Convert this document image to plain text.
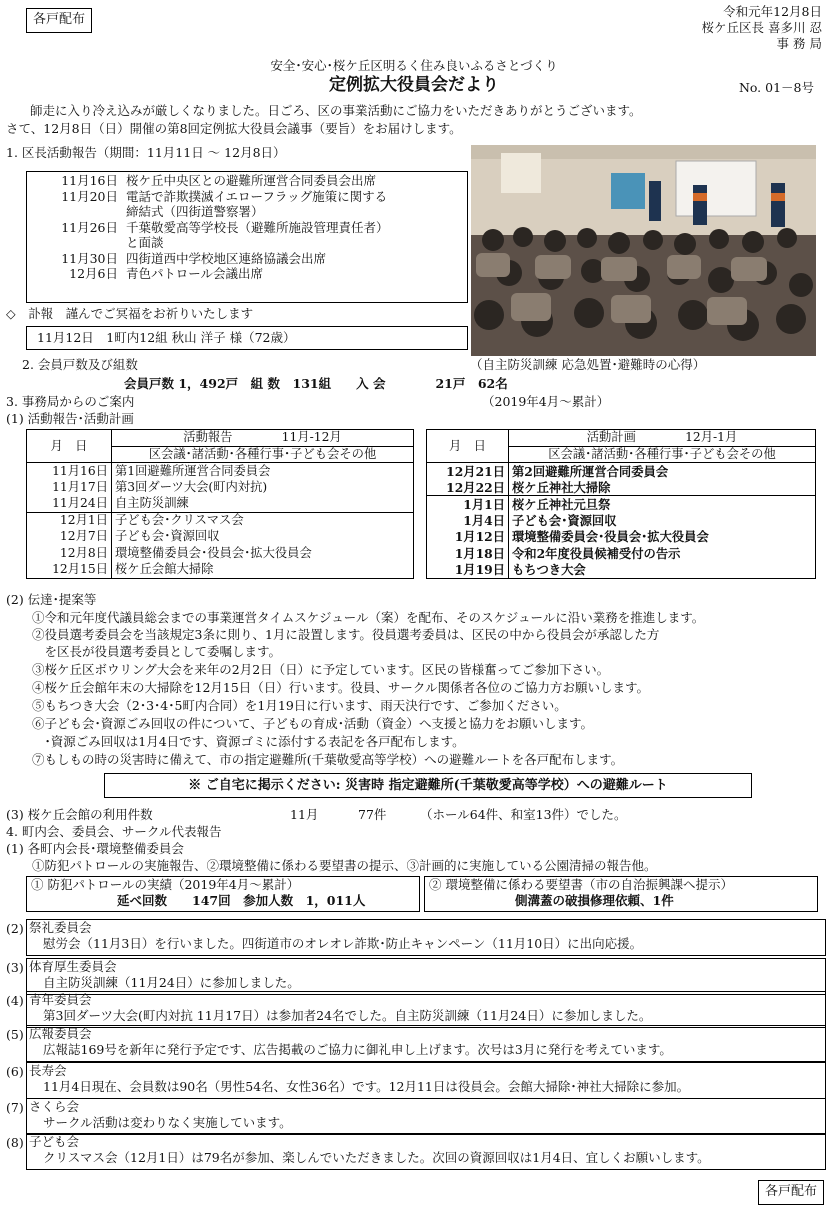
各戸配布
令和元年12月8日
桜ケ丘区長 喜多川 忍
事 務 局
安全･安心･桜ケ丘区明るく住み良いふるさとづくり
定例拡大役員会だより	No. 01－8号
師走に入り冷え込みが厳しくなりました。日ごろ、区の事業活動にご協力をいただきありがとうございます。
さて、12月8日（日）開催の第8回定例拡大役員会議事（要旨）をお届けします。
1. 区長活動報告（期間：11月11日 〜 12月8日）
11月16日	桜ケ丘中央区との避難所運営合同委員会出席
11月20日	電話で詐欺撲滅イエローフラッグ施策に関する
	締結式（四街道警察署）
11月26日	千葉敬愛高等学校長（避難所施設管理責任者）
	と面談
11月30日	四街道西中学校地区連絡協議会出席
12月6日	青色パトロール会議出席
◇　訃報　謹んでご冥福をお祈りいたします
11月12日　1町内12組 秋山 洋子 様（72歳）
（自主防災訓練 応急処置･避難時の心得）
2. 会員戸数及び組数
会員戸数 1，492戸　組 数　131組　　入 会　　　　21戸　62名
（2019年4月～累計）
3. 事務局からのご案内
(1) 活動報告･活動計画
月　日	活動報告　　　　11月-12月
	区会議･諸活動･各種行事･子ども会その他
11月16日	第1回避難所運営合同委員会
11月17日	第3回ダーツ大会(町内対抗)
11月24日	自主防災訓練
12月1日	子ども会･クリスマス会
12月7日	子ども会･資源回収
12月8日	環境整備委員会･役員会･拡大役員会
12月15日	桜ケ丘会館大掃除
月　日	活動計画　　　　12月-1月
	区会議･諸活動･各種行事･子ども会その他
12月21日	第2回避難所運営合同委員会
12月22日	桜ケ丘神社大掃除
1月1日	桜ケ丘神社元旦祭
1月4日	子ども会･資源回収
1月12日	環境整備委員会･役員会･拡大役員会
1月18日	令和2年度役員候補受付の告示
1月19日	もちつき大会
(2) 伝達･提案等
①令和元年度代議員総会までの事業運営タイムスケジュール（案）を配布、そのスケジュールに沿い業務を推進します。
②役員選考委員会を当該規定3条に則り、1月に設置します。役員選考委員は、区民の中から役員会が承認した方
　を区長が役員選考委員として委嘱します。
③桜ケ丘区ボウリング大会を来年の2月2日（日）に予定しています。区民の皆様奮ってご参加下さい。
④桜ケ丘会館年末の大掃除を12月15日（日）行います。役員、サークル関係者各位のご協力方お願いします。
⑤もちつき大会（2･3･4･5町内合同）を1月19日に行います、雨天決行です、ご参加ください。
⑥子ども会･資源ごみ回収の件について、子どもの育成･活動（資金）へ支援と協力をお願いします。
　･資源ごみ回収は1月4日です、資源ゴミに添付する表記を各戸配布します。
⑦もしもの時の災害時に備えて、市の指定避難所(千葉敬愛高等学校）への避難ルートを各戸配布します。
※ ご自宅に掲示ください: 災害時 指定避難所(千葉敬愛高等学校）への避難ルート
(3) 桜ケ丘会館の利用件数	11月	77件	（ホール64件、和室13件）でした。
4. 町内会、委員会、サークル代表報告
(1) 各町内会長･環境整備委員会
①防犯パトロールの実施報告、②環境整備に係わる要望書の提示、③計画的に実施している公園清掃の報告他。
① 防犯パトロールの実績（2019年4月～累計）
延べ回数　　147回　参加人数　1，011人
② 環境整備に係わる要望書（市の自治振興課へ提示）
側溝蓋の破損修理依頼、1件
(2) 祭礼委員会
慰労会（11月3日）を行いました。四街道市のオレオレ詐欺･防止キャンペーン（11月10日）に出向応援。
(3) 体育厚生委員会
自主防災訓練（11月24日）に参加しました。
(4) 青年委員会
第3回ダーツ大会(町内対抗 11月17日）は参加者24名でした。自主防災訓練（11月24日）に参加しました。
(5) 広報委員会
広報誌169号を新年に発行予定です、広告掲載のご協力に御礼申し上げます。次号は3月に発行を考えています。
(6) 長寿会
11月4日現在、会員数は90名（男性54名、女性36名）です。12月11日は役員会。会館大掃除･神社大掃除に参加。
(7) さくら会
サークル活動は変わりなく実施しています。
(8) 子ども会
クリスマス会（12月1日）は79名が参加、楽しんでいただきました。次回の資源回収は1月4日、宜しくお願いします。
各戸配布
